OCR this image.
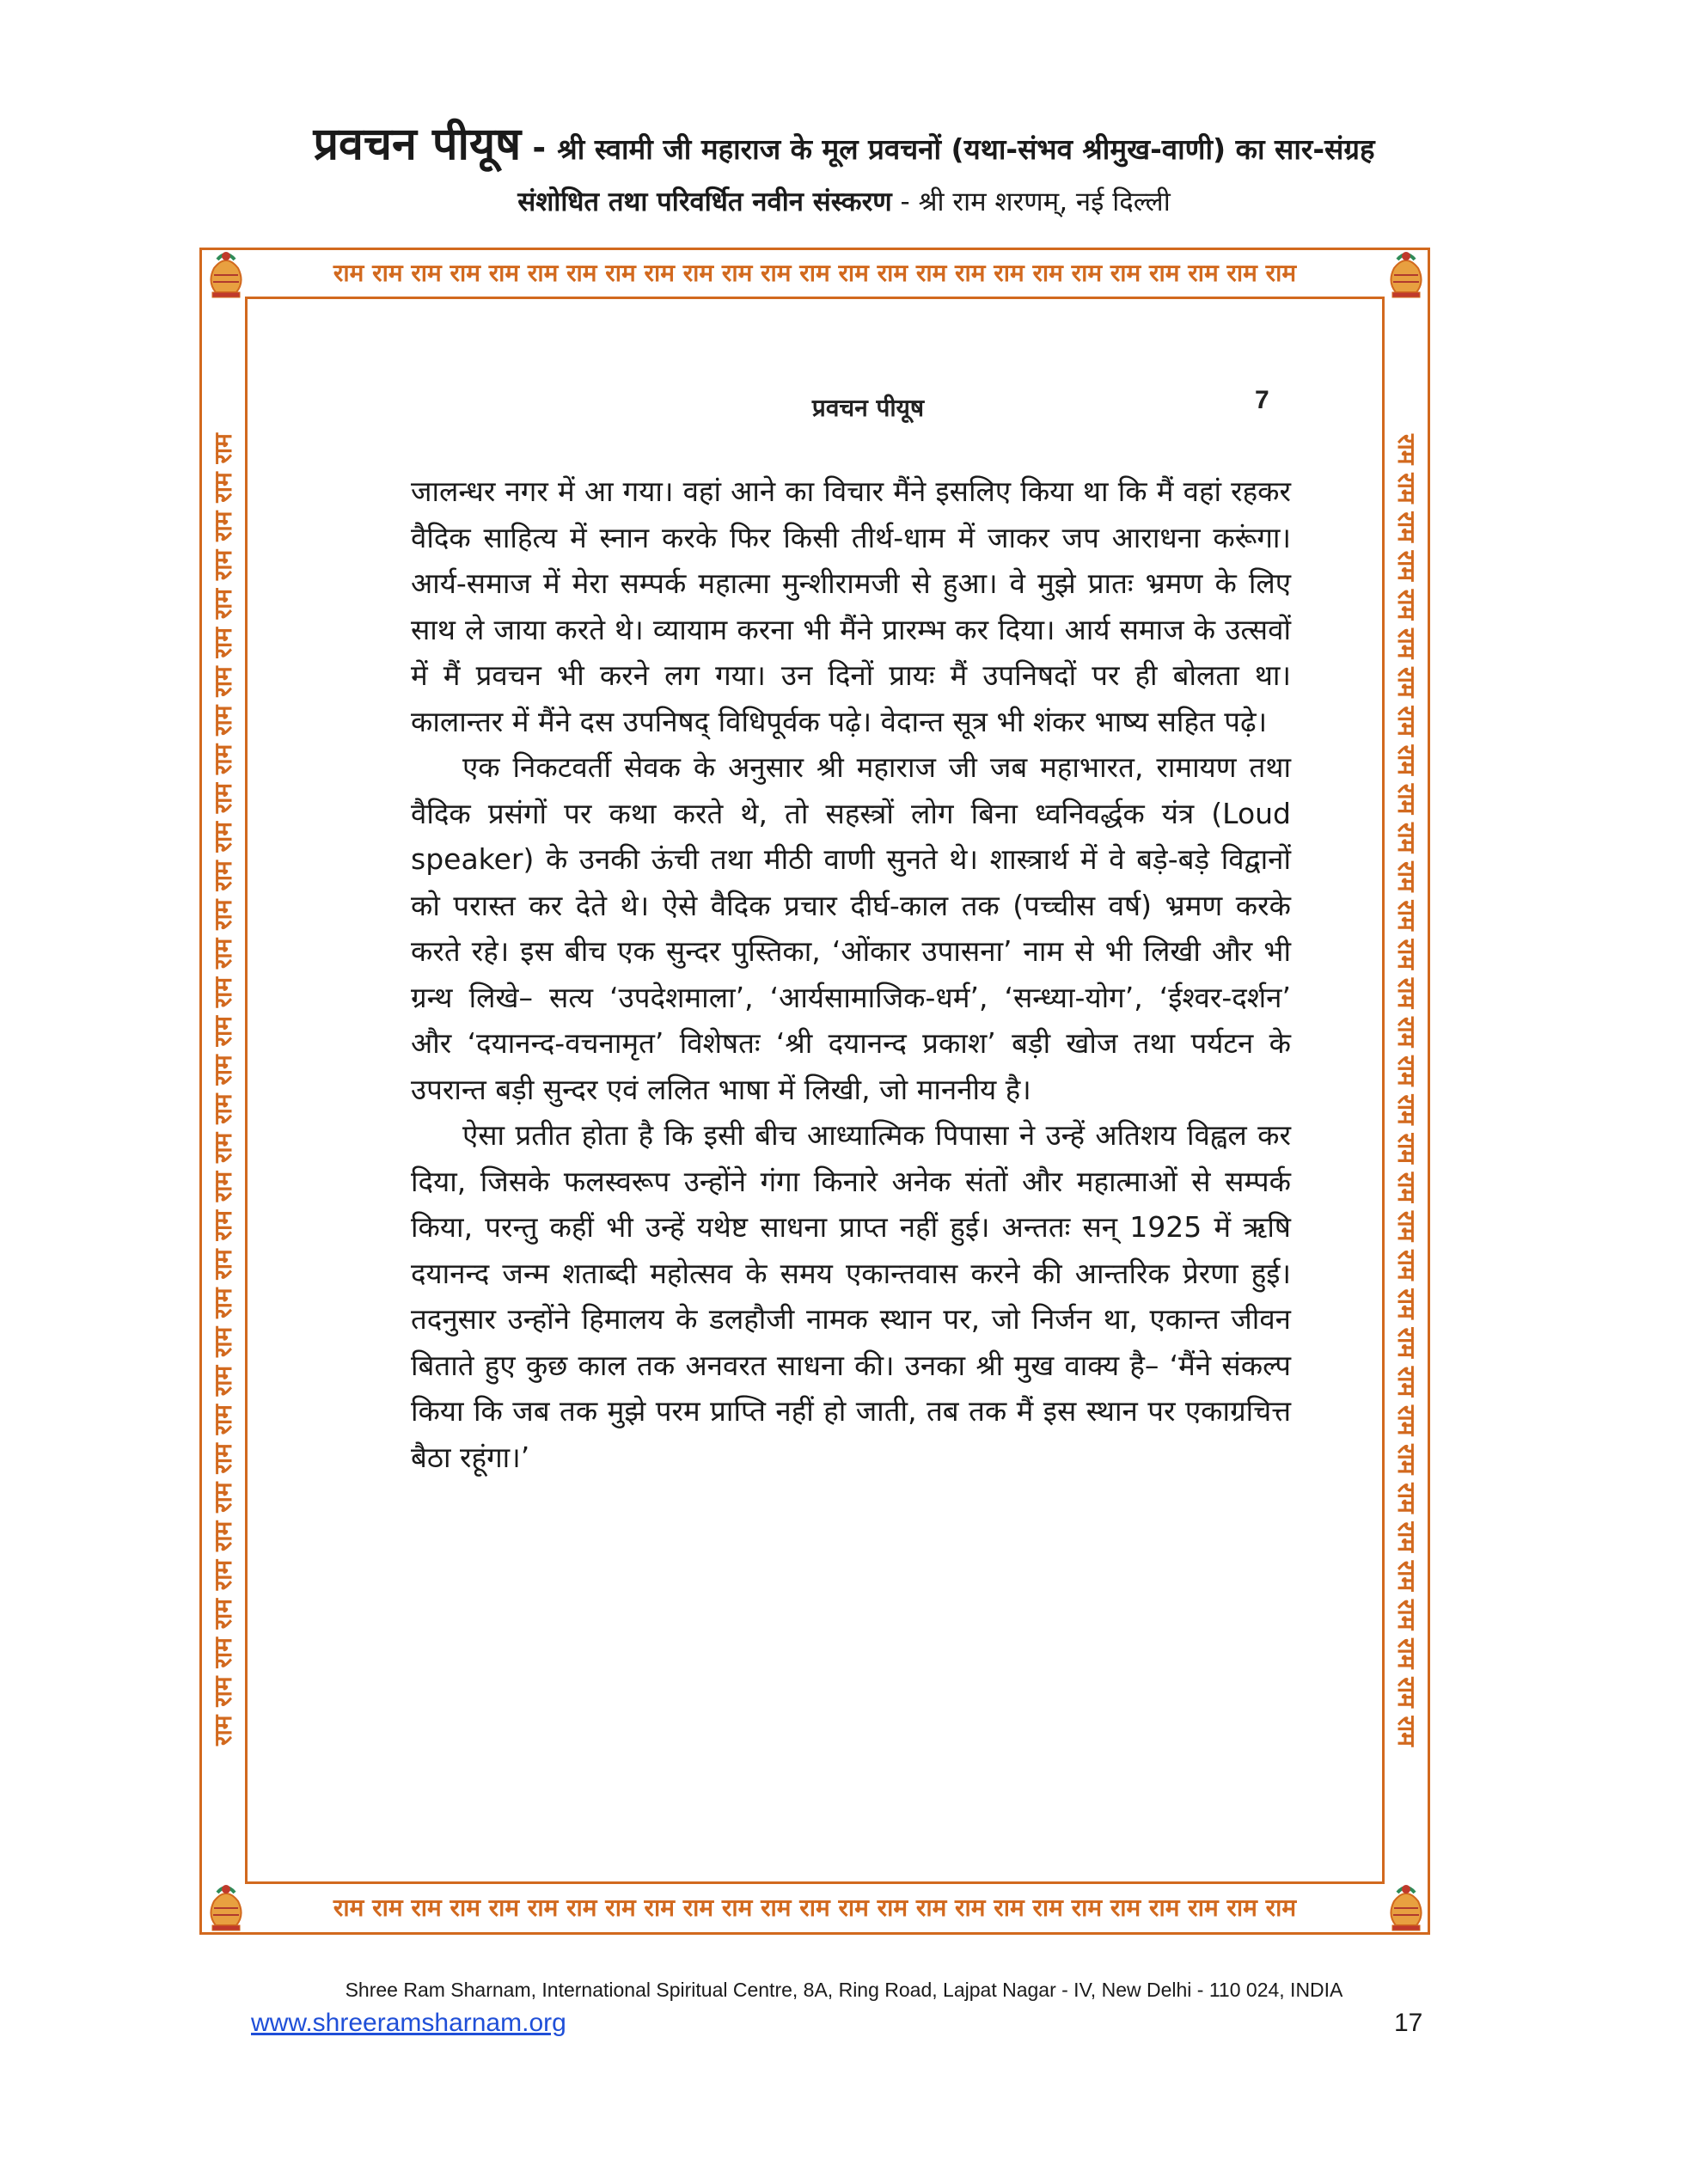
प्रवचन पीयूष - श्री स्वामी जी महाराज के मूल प्रवचनों (यथा-संभव श्रीमुख-वाणी) का सार-संग्रह
संशोधित तथा परिवर्धित नवीन संस्करण - श्री राम शरणम्, नई दिल्ली
राम राम राम राम राम राम राम राम राम राम राम राम राम राम राम राम राम राम राम राम राम राम राम राम राम
राम राम राम राम राम राम राम राम राम राम राम राम राम राम राम राम राम राम राम राम राम राम राम राम राम
राम राम राम राम राम राम राम राम राम राम राम राम राम राम राम राम राम राम राम राम राम राम राम राम राम राम राम राम राम राम राम राम राम राम	राम राम राम राम राम राम राम राम राम राम राम राम राम राम राम राम राम राम राम राम राम राम राम राम राम राम राम राम राम राम राम राम राम राम
प्रवचन पीयूष	7

जालन्धर नगर में आ गया। वहां आने का विचार मैंने इसलिए किया था कि मैं वहां रहकर वैदिक साहित्य में स्नान करके फिर किसी तीर्थ-धाम में जाकर जप आराधना करूंगा। आर्य-समाज में मेरा सम्पर्क महात्मा मुन्शीरामजी से हुआ। वे मुझे प्रातः भ्रमण के लिए साथ ले जाया करते थे। व्यायाम करना भी मैंने प्रारम्भ कर दिया। आर्य समाज के उत्सवों में मैं प्रवचन भी करने लग गया। उन दिनों प्रायः मैं उपनिषदों पर ही बोलता था। कालान्तर में मैंने दस उपनिषद् विधिपूर्वक पढ़े। वेदान्त सूत्र भी शंकर भाष्य सहित पढ़े।

एक निकटवर्ती सेवक के अनुसार श्री महाराज जी जब महाभारत, रामायण तथा वैदिक प्रसंगों पर कथा करते थे, तो सहस्त्रों लोग बिना ध्वनिवर्द्धक यंत्र (Loud speaker) के उनकी ऊंची तथा मीठी वाणी सुनते थे। शास्त्रार्थ में वे बड़े-बड़े विद्वानों को परास्त कर देते थे। ऐसे वैदिक प्रचार दीर्घ-काल तक (पच्चीस वर्ष) भ्रमण करके करते रहे। इस बीच एक सुन्दर पुस्तिका, ‘ओंकार उपासना’ नाम से भी लिखी और भी ग्रन्थ लिखे– सत्य ‘उपदेशमाला’, ‘आर्यसामाजिक-धर्म’, ‘सन्ध्या-योग’, ‘ईश्वर-दर्शन’ और ‘दयानन्द-वचनामृत’ विशेषतः ‘श्री दयानन्द प्रकाश’ बड़ी खोज तथा पर्यटन के उपरान्त बड़ी सुन्दर एवं ललित भाषा में लिखी, जो माननीय है।

ऐसा प्रतीत होता है कि इसी बीच आध्यात्मिक पिपासा ने उन्हें अतिशय विह्वल कर दिया, जिसके फलस्वरूप उन्होंने गंगा किनारे अनेक संतों और महात्माओं से सम्पर्क किया, परन्तु कहीं भी उन्हें यथेष्ट साधना प्राप्त नहीं हुई। अन्ततः सन् 1925 में ऋषि दयानन्द जन्म शताब्दी महोत्सव के समय एकान्तवास करने की आन्तरिक प्रेरणा हुई। तदनुसार उन्होंने हिमालय के डलहौजी नामक स्थान पर, जो निर्जन था, एकान्त जीवन बिताते हुए कुछ काल तक अनवरत साधना की। उनका श्री मुख वाक्य है– ‘मैंने संकल्प किया कि जब तक मुझे परम प्राप्ति नहीं हो जाती, तब तक मैं इस स्थान पर एकाग्रचित्त बैठा रहूंगा।’

Shree Ram Sharnam, International Spiritual Centre, 8A, Ring Road, Lajpat Nagar - IV, New Delhi - 110 024, INDIA
www.shreeramsharnam.org	17
